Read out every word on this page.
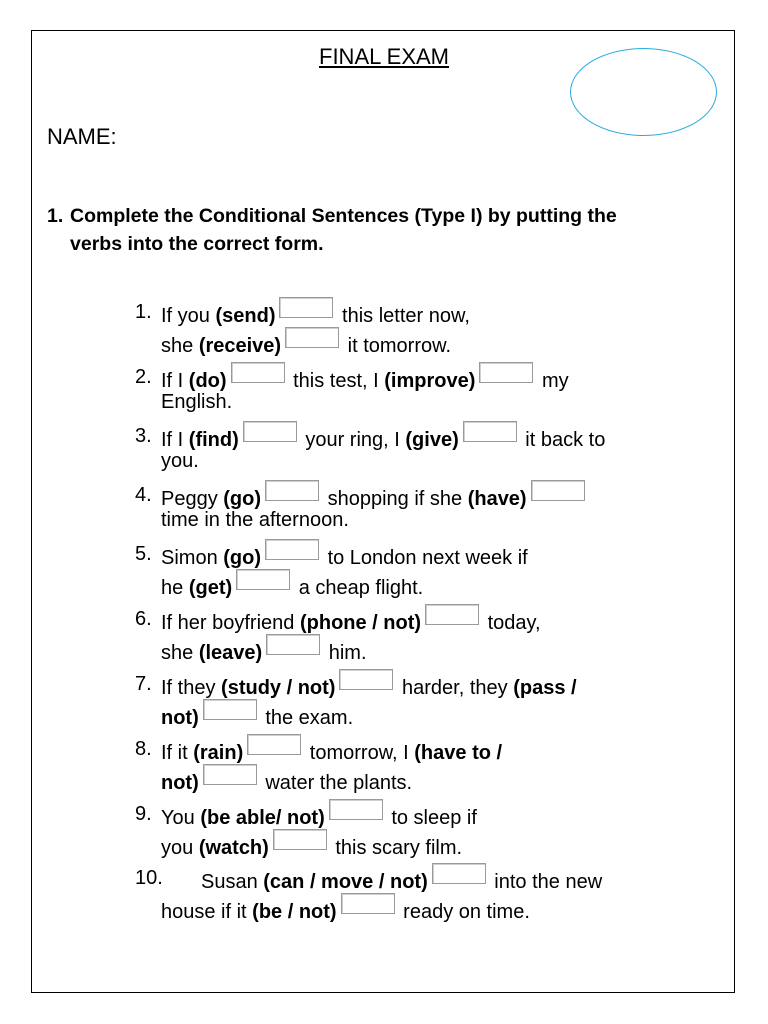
FINAL EXAM
NAME:
1. Complete the Conditional Sentences (Type I) by putting the verbs into the correct form.
1. If you (send)	this letter now,
she (receive)	it tomorrow.
2. If I (do)	this test, I (improve)	my
English.
3. If I (find)	your ring, I (give)	it back to
you.
4. Peggy (go)	shopping if she (have)
time in the afternoon.
5. Simon (go)	to London next week if
he (get)	a cheap flight.
6. If her boyfriend (phone / not)	today,
she (leave)	him.
7. If they (study / not)	harder, they (pass /
not)	the exam.
8. If it (rain)	tomorrow, I (have to /
not)	water the plants.
9. You (be able/ not)	to sleep if
you (watch)	this scary film.
10. Susan (can / move / not)	into the new
house if it (be / not)	ready on time.
